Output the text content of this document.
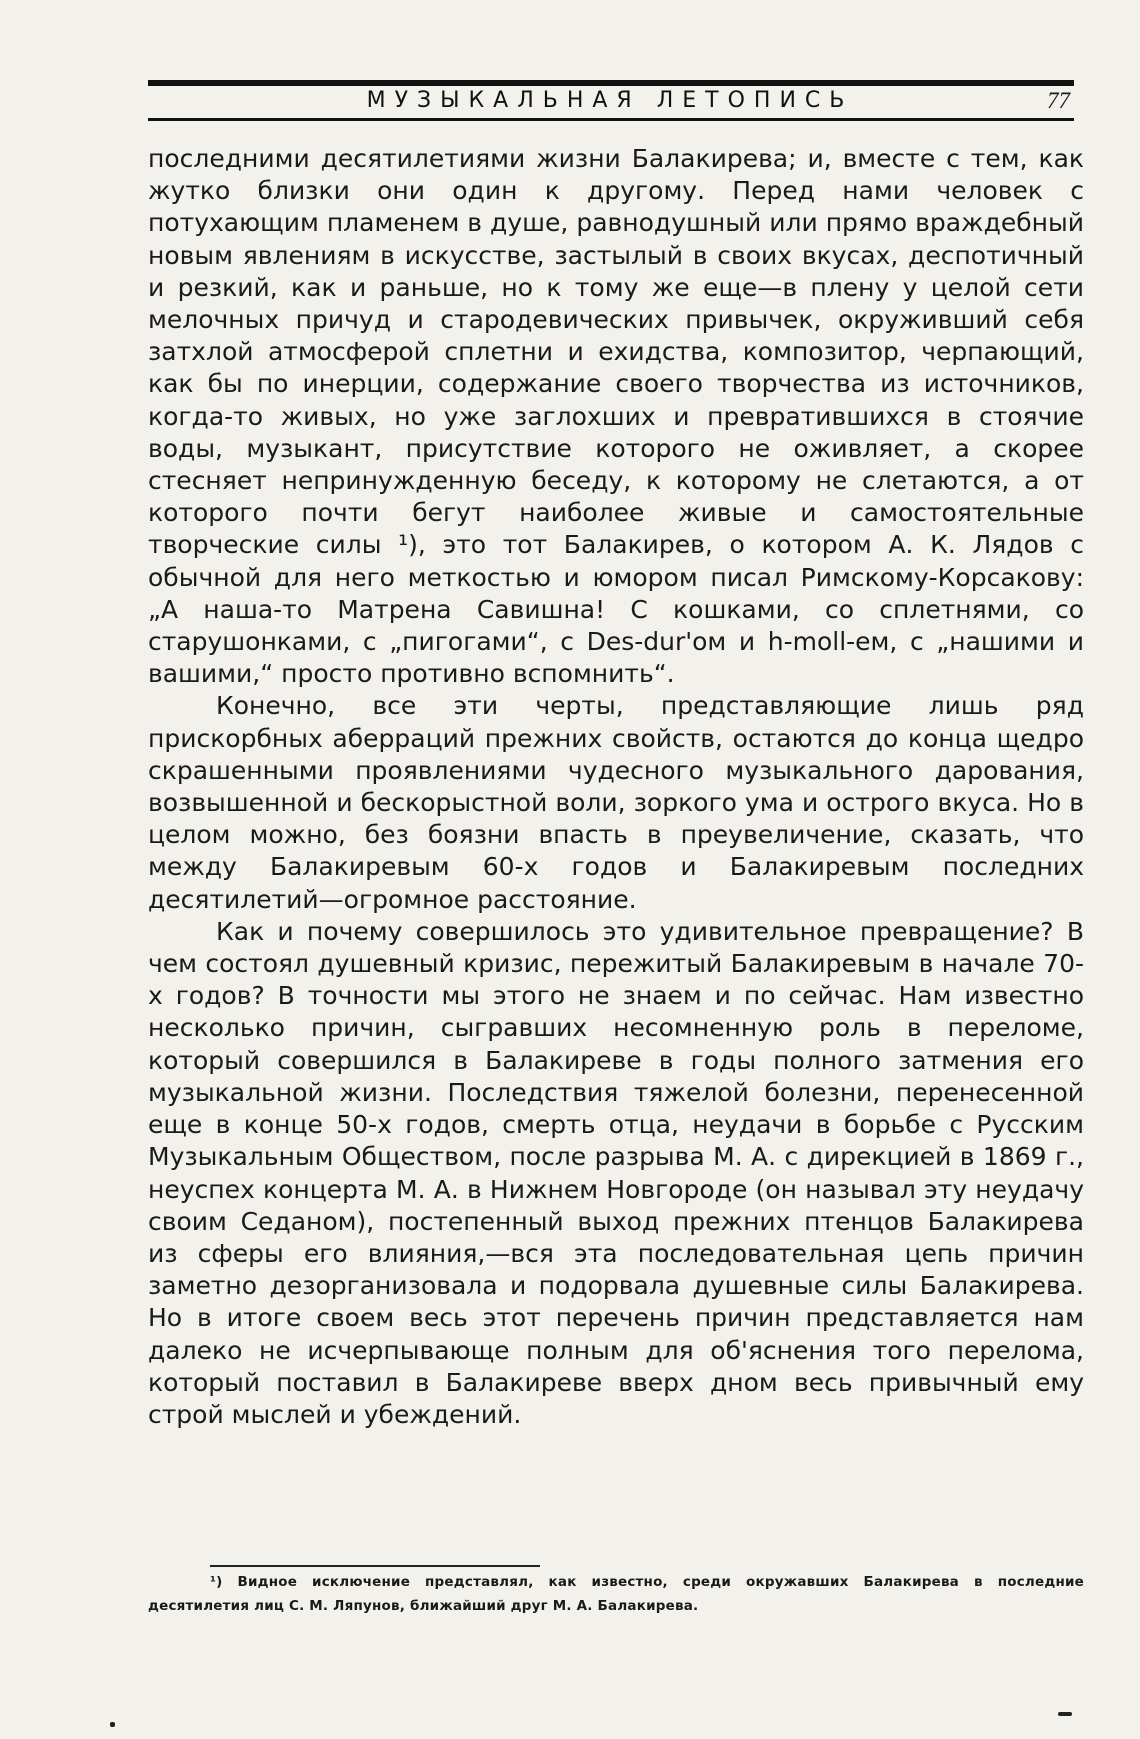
МУЗЫКАЛЬНАЯ ЛЕТОПИСЬ	77

последними десятилетиями жизни Балакирева; и, вместе с тем, как жутко близки они один к другому. Перед нами человек с потухающим пламенем в душе, равнодушный или прямо враждебный новым явлениям в искусстве, застылый в своих вкусах, деспотичный и резкий, как и раньше, но к тому же еще—в плену у целой сети мелочных причуд и стародевических привычек, окруживший себя затхлой атмосферой сплетни и ехидства, композитор, черпающий, как бы по инерции, содержание своего творчества из источников, когда-то живых, но уже заглохших и превратившихся в стоячие воды, музыкант, присутствие которого не оживляет, а скорее стесняет непринужденную беседу, к которому не слетаются, а от которого почти бегут наиболее живые и самостоятельные творческие силы ¹), это тот Балакирев, о котором А. К. Лядов с обычной для него меткостью и юмором писал Римскому-Корсакову: „А наша-то Матрена Савишна! С кошками, со сплетнями, со старушонками, с „пигогами“, с Des-dur'ом и h-moll-ем, с „нашими и вашими,“ просто противно вспомнить“.

Конечно, все эти черты, представляющие лишь ряд прискорбных аберраций прежних свойств, остаются до конца щедро скрашенными проявлениями чудесного музыкального дарования, возвышенной и бескорыстной воли, зоркого ума и острого вкуса. Но в целом можно, без боязни впасть в преувеличение, сказать, что между Балакиревым 60-х годов и Балакиревым последних десятилетий—огромное расстояние.

Как и почему совершилось это удивительное превращение? В чем состоял душевный кризис, пережитый Балакиревым в начале 70-х годов? В точности мы этого не знаем и по сейчас. Нам известно несколько причин, сыгравших несомненную роль в переломе, который совершился в Балакиреве в годы полного затмения его музыкальной жизни. Последствия тяжелой болезни, перенесенной еще в конце 50-х годов, смерть отца, неудачи в борьбе с Русским Музыкальным Обществом, после разрыва М. А. с дирекцией в 1869 г., неуспех концерта М. А. в Нижнем Новгороде (он называл эту неудачу своим Седаном), постепенный выход прежних птенцов Балакирева из сферы его влияния,—вся эта последовательная цепь причин заметно дезорганизовала и подорвала душевные силы Балакирева. Но в итоге своем весь этот перечень причин представляется нам далеко не исчерпывающе полным для об'яснения того перелома, который поставил в Балакиреве вверх дном весь привычный ему строй мыслей и убеждений.

¹) Видное исключение представлял, как известно, среди окружавших Балакирева в последние десятилетия лиц С. М. Ляпунов, ближайший друг М. А. Балакирева.
